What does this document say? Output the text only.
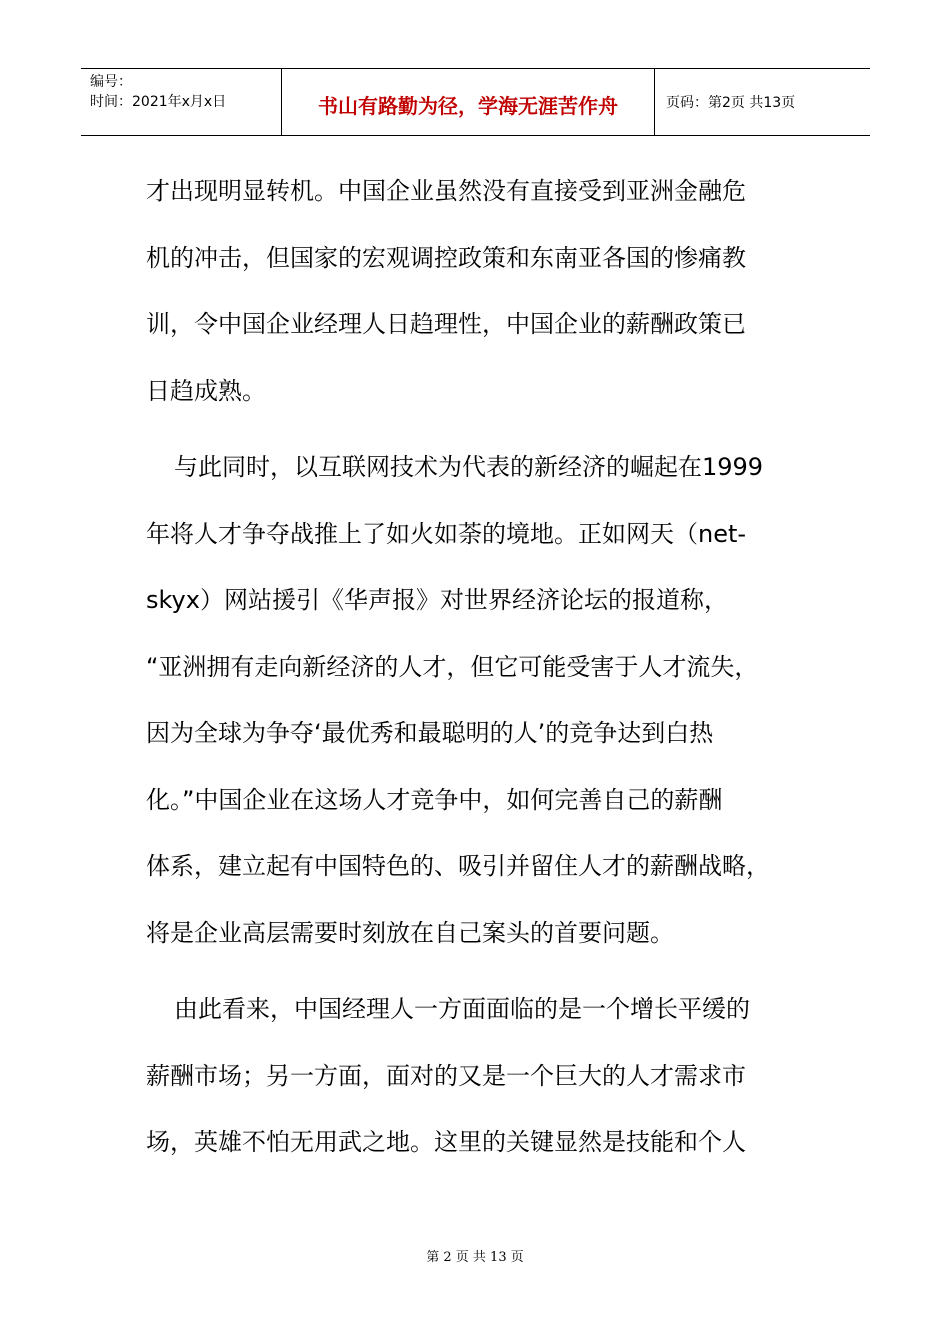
编号：
时间：2021年x月x日	书山有路勤为径，学海无涯苦作舟	页码：第2页 共13页
才出现明显转机。中国企业虽然没有直接受到亚洲金融危
机的冲击，但国家的宏观调控政策和东南亚各国的惨痛教
训，令中国企业经理人日趋理性，中国企业的薪酬政策已
日趋成熟。
与此同时，以互联网技术为代表的新经济的崛起在1999
年将人才争夺战推上了如火如荼的境地。正如网天（net-
skyx）网站援引《华声报》对世界经济论坛的报道称，
“亚洲拥有走向新经济的人才，但它可能受害于人才流失，
因为全球为争夺‘最优秀和最聪明的人’的竞争达到白热
化。”中国企业在这场人才竞争中，如何完善自己的薪酬
体系，建立起有中国特色的、吸引并留住人才的薪酬战略，
将是企业高层需要时刻放在自己案头的首要问题。
由此看来，中国经理人一方面面临的是一个增长平缓的
薪酬市场；另一方面，面对的又是一个巨大的人才需求市
场，英雄不怕无用武之地。这里的关键显然是技能和个人
第 2 页 共 13 页
